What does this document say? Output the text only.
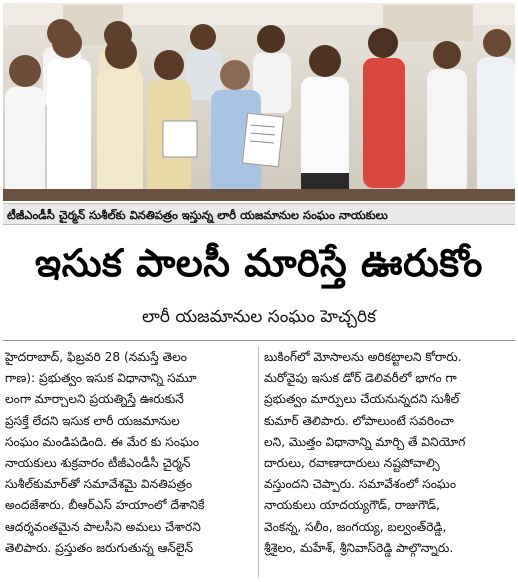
టీజీఎండీసీ చైర్మన్‌ సుశీల్‌కు వినతిపత్రం ఇస్తున్న లారీ యజమానుల సంఘం నాయకులు
ఇసుక పాలసీ మారిస్తే ఊరుకోం
లారీ యజమానుల సంఘం హెచ్చరిక
హైదరాబాద్‌, ఫిబ్రవరి 28 (నమస్తే తెలం
గాణ): ప్రభుత్వం ఇసుక విధానాన్ని సమూ
లంగా మార్చాలని ప్రయత్నిస్తే ఊరుకునే
ప్రసక్తే లేదని ఇసుక లారీ యజమానుల
సంఘం మండిపడింది. ఈ మేర కు సంఘం
నాయకులు శుక్రవారం టీజీఎండీసీ చైర్మన్‌
సుశీల్‌కుమార్‌తో సమావేశమై వినతిపత్రం
అందజేశారు. బీఆర్‌ఎస్‌ హయాంలో దేశానికే
ఆదర్శవంతమైన పాలసీని అమలు చేశారని
తెలిపారు. ప్రస్తుతం జరుగుతున్న ఆన్‌లైన్‌
బుకింగ్‌లో మోసాలను అరికట్టాలని కోరారు.
మరోవైపు ఇసుక డోర్‌ డెలివరీలో భాగం గా
ప్రభుత్వం మార్పులు చేయనున్నదని సుశీల్‌
కుమార్‌ తెలిపారు. లోపాలుంటే సవరించా
లని, మొత్తం విధానాన్ని మార్చి తే వినియోగ
దారులు, రవాణాదారులు నష్టపోవాల్సి
వస్తుందని చెప్పారు. సమావేశంలో సంఘం
నాయకులు యాదయ్యగౌడ్‌, రాజుగౌడ్‌,
వెంకన్న, సలీం, జంగయ్య, బల్వంత్‌రెడ్డి,
శ్రీశైలం, మహేశ్‌, శ్రీనివాస్‌రెడ్డి పాల్గొన్నారు.
